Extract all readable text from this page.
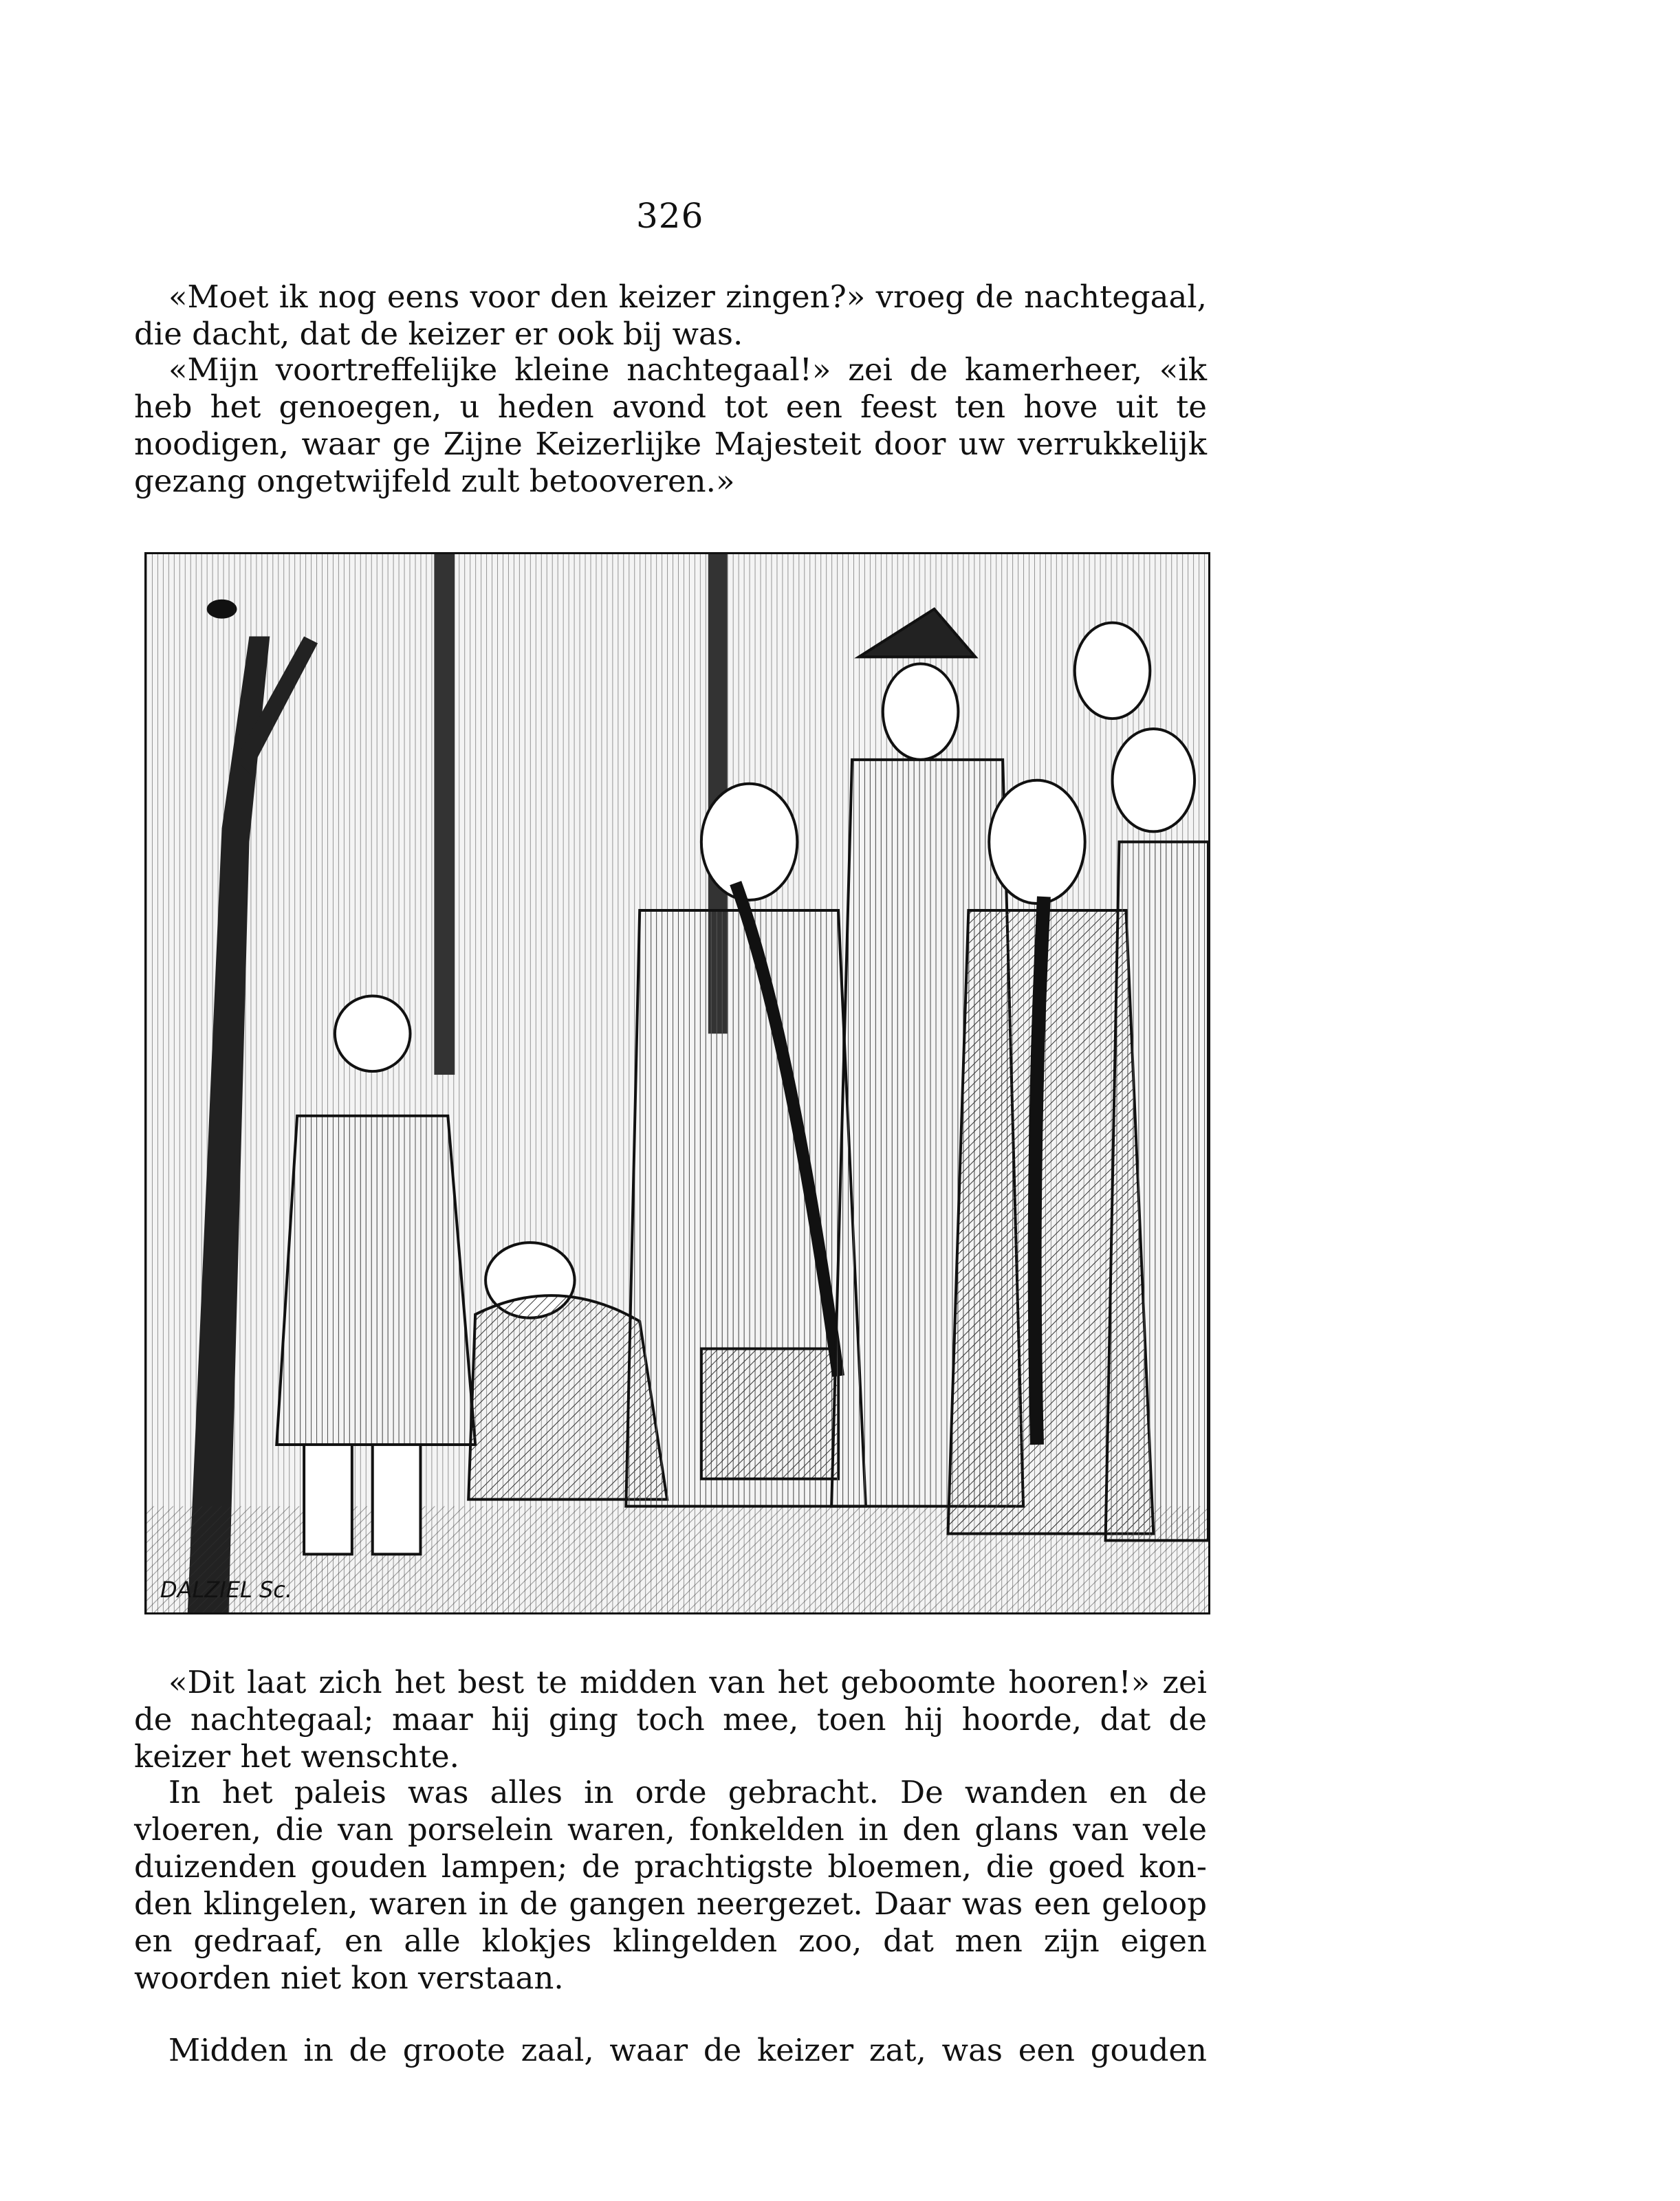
326

«Moet ik nog eens voor den keizer zingen?» vroeg de nachtegaal,
die dacht, dat de keizer er ook bij was.

«Mijn voortreffelijke kleine nachtegaal!» zei de kamerheer, «ik
heb het genoegen, u heden avond tot een feest ten hove uit te
noodigen, waar ge Zijne Keizerlijke Majesteit door uw verrukkelijk
gezang ongetwijfeld zult betooveren.»

DALZIEL Sc.

«Dit laat zich het best te midden van het geboomte hooren!» zei
de nachtegaal; maar hij ging toch mee, toen hij hoorde, dat de
keizer het wenschte.

In het paleis was alles in orde gebracht. De wanden en de
vloeren, die van porselein waren, fonkelden in den glans van vele
duizenden gouden lampen; de prachtigste bloemen, die goed kon-
den klingelen, waren in de gangen neergezet. Daar was een geloop
en gedraaf, en alle klokjes klingelden zoo, dat men zijn eigen
woorden niet kon verstaan.

Midden in de groote zaal, waar de keizer zat, was een gouden
